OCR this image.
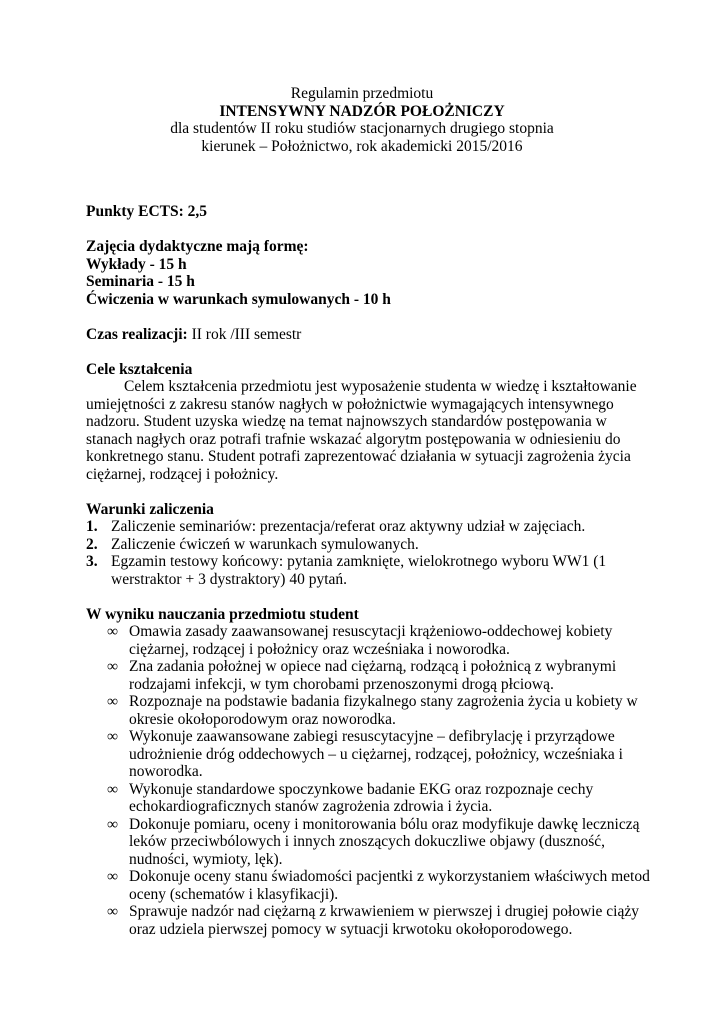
Regulamin przedmiotu
INTENSYWNY NADZÓR POŁOŻNICZY
dla studentów II roku studiów stacjonarnych drugiego stopnia
kierunek – Położnictwo, rok akademicki 2015/2016

Punkty ECTS: 2,5

Zajęcia dydaktyczne mają formę:

Wykłady - 15 h

Seminaria - 15 h

Ćwiczenia w warunkach symulowanych - 10 h

Czas realizacji: II rok /III semestr

Cele kształcenia

Celem kształcenia przedmiotu jest wyposażenie studenta w wiedzę i kształtowanie umiejętności z zakresu stanów nagłych w położnictwie wymagających intensywnego nadzoru. Student uzyska wiedzę na temat najnowszych standardów postępowania w stanach nagłych oraz potrafi trafnie wskazać algorytm postępowania w odniesieniu do konkretnego stanu. Student potrafi zaprezentować działania w sytuacji zagrożenia życia ciężarnej, rodzącej i położnicy.

Warunki zaliczenia

1. Zaliczenie seminariów: prezentacja/referat oraz aktywny udział w zajęciach.
2. Zaliczenie ćwiczeń w warunkach symulowanych.
3. Egzamin testowy końcowy: pytania zamknięte, wielokrotnego wyboru WW1 (1 werstraktor + 3 dystraktory) 40 pytań.

W wyniku nauczania przedmiotu student

∞ Omawia zasady zaawansowanej resuscytacji krążeniowo-oddechowej kobiety ciężarnej, rodzącej i położnicy oraz wcześniaka i noworodka.
∞ Zna zadania położnej w opiece nad ciężarną, rodzącą i położnicą z wybranymi rodzajami infekcji, w tym chorobami przenoszonymi drogą płciową.
∞ Rozpoznaje na podstawie badania fizykalnego stany zagrożenia życia u kobiety w okresie okołoporodowym oraz noworodka.
∞ Wykonuje zaawansowane zabiegi resuscytacyjne – defibrylację i przyrządowe udrożnienie dróg oddechowych – u ciężarnej, rodzącej, położnicy, wcześniaka i noworodka.
∞ Wykonuje standardowe spoczynkowe badanie EKG oraz rozpoznaje cechy echokardiograficznych stanów zagrożenia zdrowia i życia.
∞ Dokonuje pomiaru, oceny i monitorowania bólu oraz modyfikuje dawkę leczniczą leków przeciwbólowych i innych znoszących dokuczliwe objawy (duszność, nudności, wymioty, lęk).
∞ Dokonuje oceny stanu świadomości pacjentki z wykorzystaniem właściwych metod oceny (schematów i klasyfikacji).
∞ Sprawuje nadzór nad ciężarną z krwawieniem w pierwszej i drugiej połowie ciąży oraz udziela pierwszej pomocy w sytuacji krwotoku okołoporodowego.
